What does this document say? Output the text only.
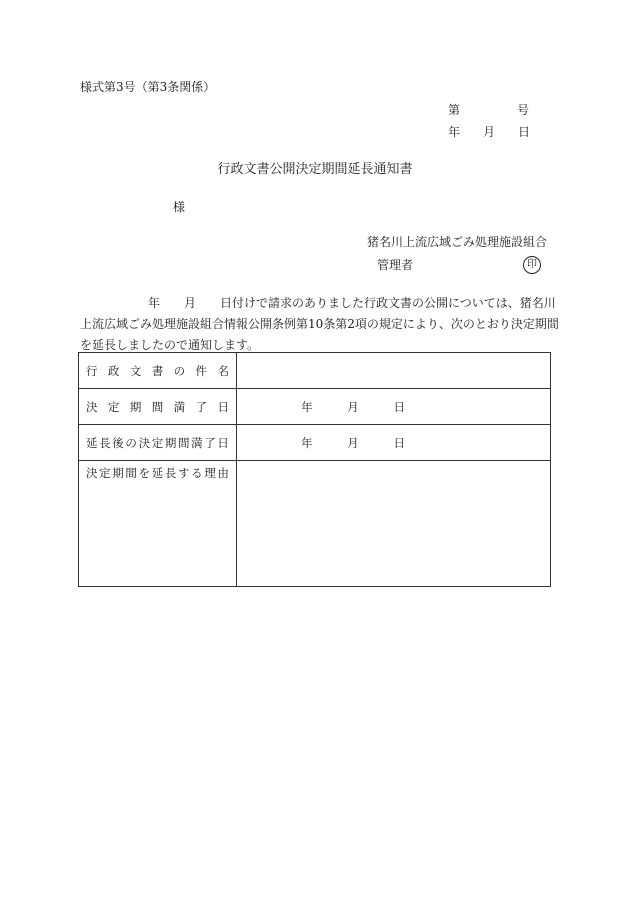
様式第3号（第3条関係）
第	号
年 月 日
行政文書公開決定期間延長通知書
様
猪名川上流広域ごみ処理施設組合
管理者	印
年　　月　　日付けで請求のありました行政文書の公開については、猪名川
上流広域ごみ処理施設組合情報公開条例第10条第2項の規定により、次のとおり決定期間
を延長しましたので通知します。
行 政 文 書 の 件 名
決 定 期 間 満 了 日	年	月	日
延 長 後 の 決 定 期 間 満 了 日	年	月	日
決 定 期 間 を 延 長 す る 理 由
